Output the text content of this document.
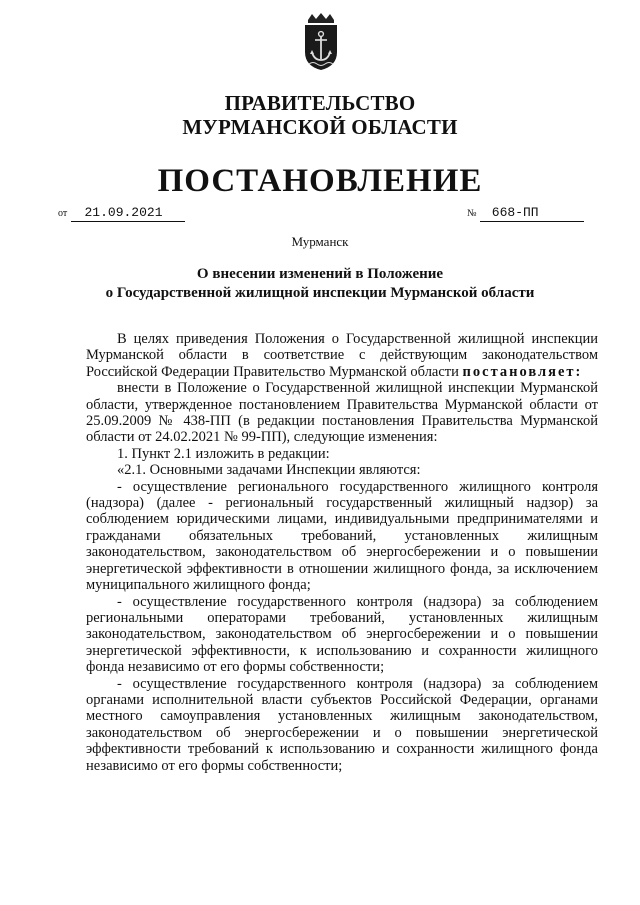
ПРАВИТЕЛЬСТВО
МУРМАНСКОЙ ОБЛАСТИ
ПОСТАНОВЛЕНИЕ
от 21.09.2021	№ 668-ПП
Мурманск
О внесении изменений в Положение
о Государственной жилищной инспекции Мурманской области

В целях приведения Положения о Государственной жилищной инспекции Мурманской области в соответствие с действующим законодательством Российской Федерации Правительство Мурманской области постановляет:

внести в Положение о Государственной жилищной инспекции Мурманской области, утвержденное постановлением Правительства Мурманской области от 25.09.2009 № 438-ПП (в редакции постановления Правительства Мурманской области от 24.02.2021 № 99-ПП), следующие изменения:

1. Пункт 2.1 изложить в редакции:

«2.1. Основными задачами Инспекции являются:

- осуществление регионального государственного жилищного контроля (надзора) (далее - региональный государственный жилищный надзор) за соблюдением юридическими лицами, индивидуальными предпринимателями и гражданами обязательных требований, установленных жилищным законодательством, законодательством об энергосбережении и о повышении энергетической эффективности в отношении жилищного фонда, за исключением муниципального жилищного фонда;

- осуществление государственного контроля (надзора) за соблюдением региональными операторами требований, установленных жилищным законодательством, законодательством об энергосбережении и о повышении энергетической эффективности, к использованию и сохранности жилищного фонда независимо от его формы собственности;

- осуществление государственного контроля (надзора) за соблюдением органами исполнительной власти субъектов Российской Федерации, органами местного самоуправления установленных жилищным законодательством, законодательством об энергосбережении и о повышении энергетической эффективности требований к использованию и сохранности жилищного фонда независимо от его формы собственности;
